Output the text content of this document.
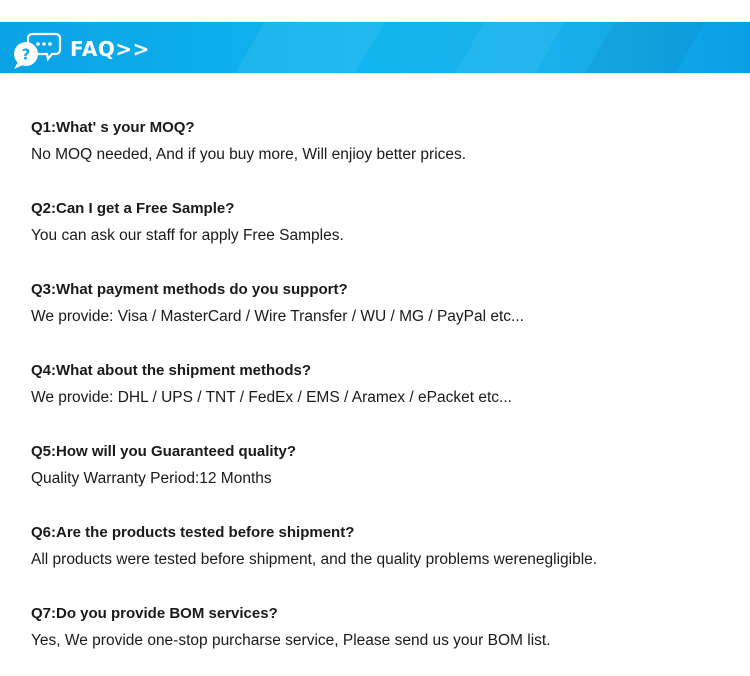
? FAQ>>
Q1:What' s your MOQ?
No MOQ needed, And if you buy more, Will enjioy better prices.
Q2:Can I get a Free Sample?
You can ask our staff for apply Free Samples.
Q3:What payment methods do you support?
We provide: Visa / MasterCard / Wire Transfer / WU / MG / PayPal etc...
Q4:What about the shipment methods?
We provide: DHL / UPS / TNT / FedEx / EMS / Aramex / ePacket etc...
Q5:How will you Guaranteed quality?
Quality Warranty Period:12 Months
Q6:Are the products tested before shipment?
All products were tested before shipment, and the quality problems werenegligible.
Q7:Do you provide BOM services?
Yes, We provide one-stop purcharse service, Please send us your BOM list.
